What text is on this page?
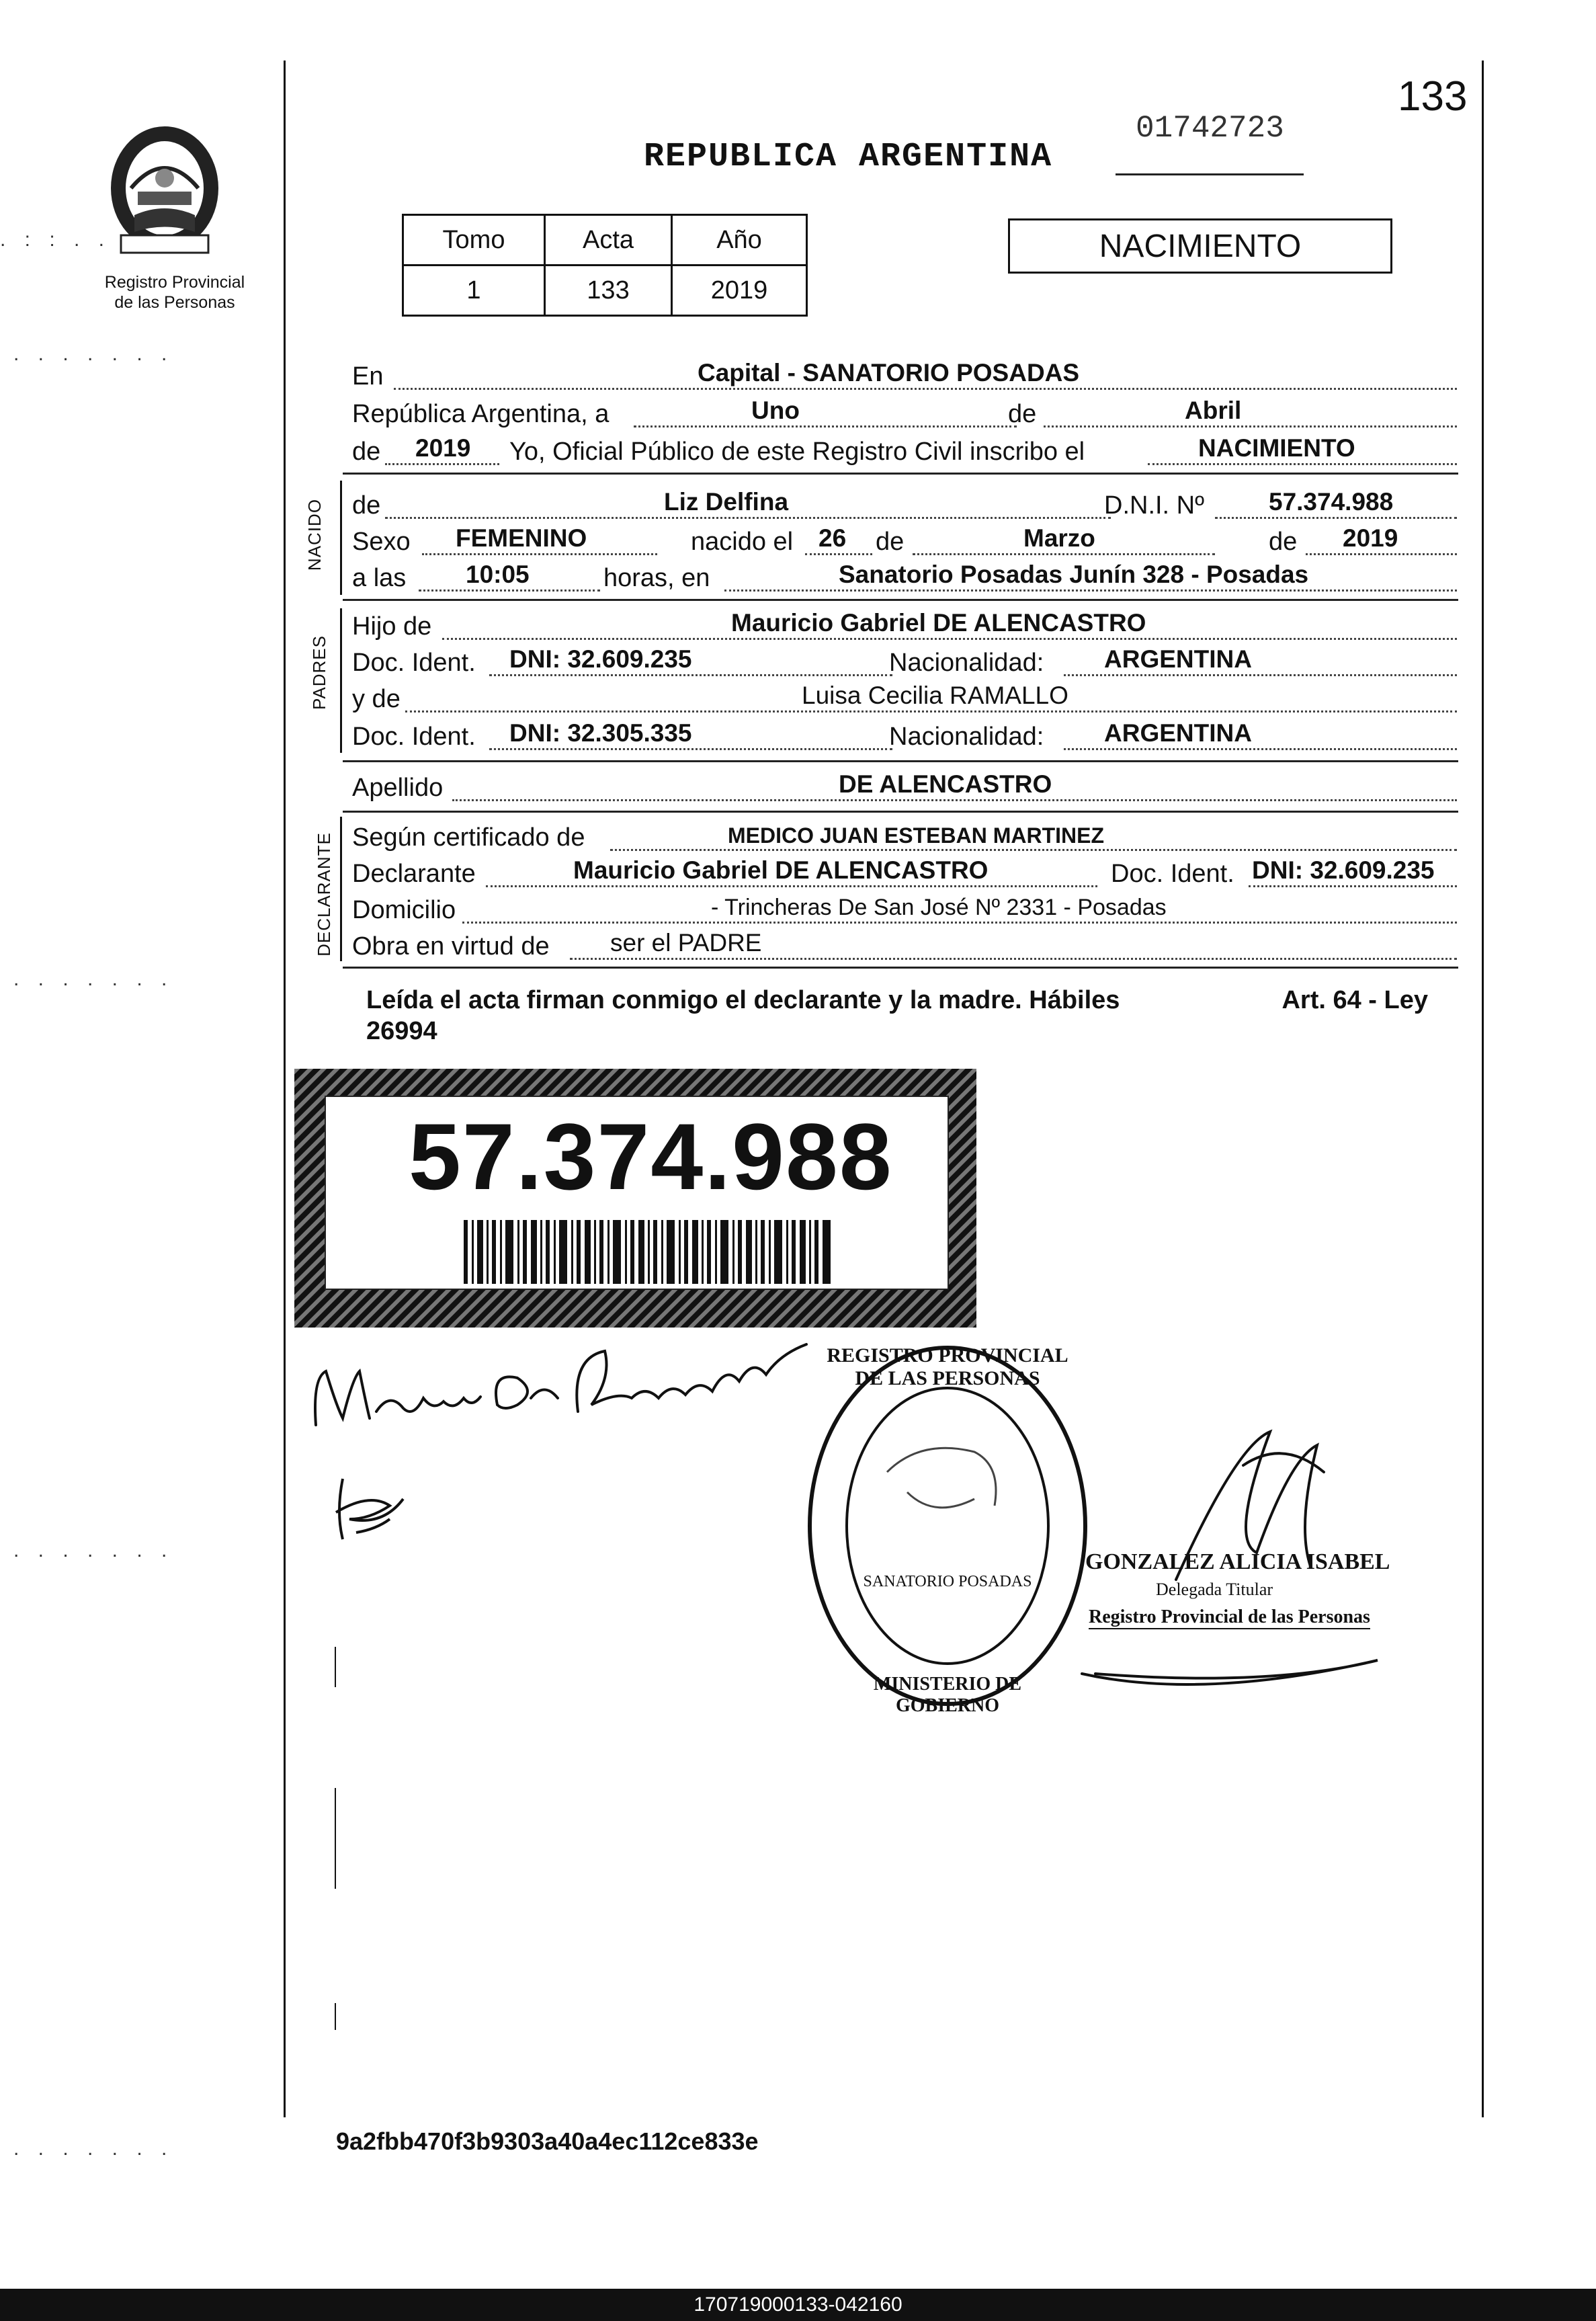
. : : . .
. . . . . . .
. . . . . . .
. . . . . . .
. . . . . . .
Registro Provincial
de las Personas
133
01742723
REPUBLICA ARGENTINA
Tomo	Acta	Año
1	133	2019
NACIMIENTO
En	Capital - SANATORIO POSADAS
República Argentina, a	Uno	de	Abril
de 2019 Yo, Oficial Público de este Registro Civil inscribo el	NACIMIENTO
NACIDO de	Liz Delfina	D.N.I. Nº	57.374.988
Sexo FEMENINO	nacido el 26 de	Marzo	de 2019
a las 10:05	horas, en	Sanatorio Posadas Junín 328 - Posadas
PADRES
Hijo de	Mauricio Gabriel DE ALENCASTRO
Doc. Ident. DNI: 32.609.235	Nacionalidad: ARGENTINA
y de	Luisa Cecilia RAMALLO
Doc. Ident. DNI: 32.305.335	Nacionalidad: ARGENTINA
Apellido	DE ALENCASTRO
DECLARANTE Según certificado de	MEDICO JUAN ESTEBAN MARTINEZ
Declarante	Mauricio Gabriel DE ALENCASTRO	Doc. Ident. DNI: 32.609.235
Domicilio	- Trincheras De San José Nº 2331 - Posadas
Obra en virtud de ser el PADRE
Leída el acta firman conmigo el declarante y la madre. Hábiles	Art. 64 - Ley

26994
57.374.988
REGISTRO PROVINCIAL DE LAS PERSONAS
SANATORIO POSADAS
MINISTERIO DE GOBIERNO
GONZALEZ ALICIA ISABEL
Delegada Titular
Registro Provincial de las Personas
9a2fbb470f3b9303a40a4ec112ce833e
170719000133-042160
